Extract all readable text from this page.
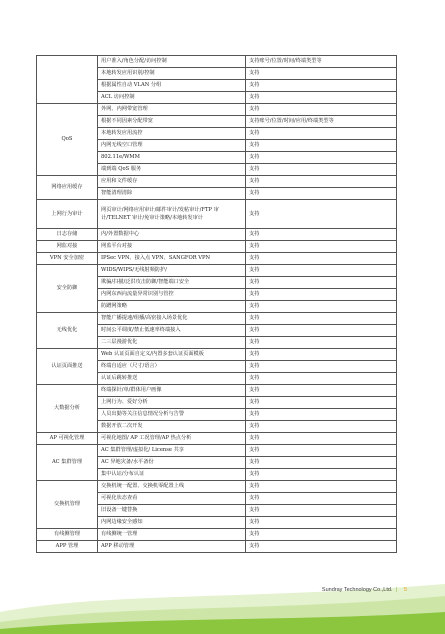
	用户准入/角色分配/访问控制	支持账号/位置/时间/终端类型等
	本地转发应用识别/控制	支持
	根据属性自动 VLAN 分组	支持
	ACL 访问控制	支持
QoS	外网、内网带宽管理	支持
	根据不同因素分配带宽	支持账号/位置/时间/应用/终端类型等
	本地转发应用流控	支持
	内网无线空口管理	支持
	802.11e/WMM	支持
	端到端 QoS 服务	支持
网络应用缓存	应用和文件缓存	支持
	智能清理清除	支持
上网行为审计	网页审计/网络应用审计/邮件审计/发帖审计/FTP 审计/TELNET 审计/免审计策略/本地转发审计	支持
日志存储	内/外置数据中心	支持
网监对接	网监平台对接	支持
VPN 安全加密	IPSec VPN、接入点 VPN、SANGFOR VPN	支持
安全防御	WIDS/WIPS/无线射频防护/	支持
	欺骗/扫描/泛洪攻击防御/智能端口安全	支持
	内网东西向流量异常识别与管控	支持
	防蹭网策略	支持
无线优化	智能广播提速/组播/高密接入场景优化	支持
	时间公平调度/禁止低速率终端接入	支持
	二三层漫游优化	支持
认证页面推送	Web 认证页面自定义/内置多套认证页面模板	支持
	终端自适应（尺寸/语言）	支持
	认证后跳转推送	支持
大数据分析	终端探针/单/群体用户画像	支持
	上网行为、爱好分析	支持
	人员出勤等关注信息情况分析与告警	支持
	数据开放二次开发	支持
AP 可视化管理	可视化地图/ AP 工况管理/AP 热点分析	支持
AC 集群管理	AC 集群管理/虚拟化/ License 共享	支持
	AC 异地灾备/水平备份	支持
	集中认证/分布认证	支持
交换机管理	交换机统一配置、交换机零配置上线	支持
	可视化状态查看	支持
	旧设备一键替换	支持
	内网边缘安全感知	支持
有线侧管理	有线侧统一管理	支持
APP 管理	APP 移动管理	支持
Sundray Technology Co.,Ltd. | 5
